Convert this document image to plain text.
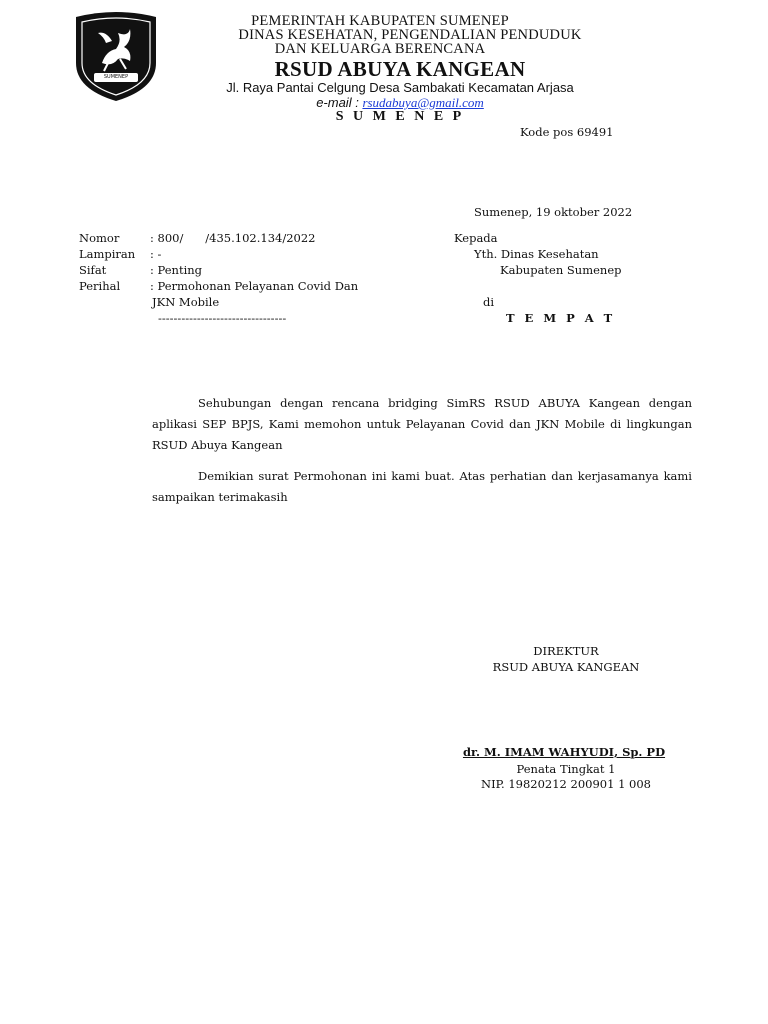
SUMENEP
PEMERINTAH KABUPATEN SUMENEP
DINAS KESEHATAN, PENGENDALIAN PENDUDUK
DAN KELUARGA BERENCANA
RSUD ABUYA KANGEAN
Jl. Raya Pantai Celgung Desa Sambakati Kecamatan Arjasa
e-mail : rsudabuya@gmail.com
S U M E N E P
Kode pos 69491
Sumenep, 19 oktober 2022
Nomor	: 800/      /435.102.134/2022
Lampiran : -
Sifat	: Penting
Perihal	: Permohonan Pelayanan Covid Dan
JKN Mobile
---------------------------------
Kepada
Yth. Dinas Kesehatan
Kabupaten Sumenep
di
T E M P A T
Sehubungan dengan rencana bridging SimRS RSUD ABUYA Kangean dengan aplikasi SEP BPJS, Kami memohon untuk Pelayanan Covid dan JKN Mobile di lingkungan RSUD Abuya Kangean
Demikian surat Permohonan ini kami buat. Atas perhatian dan kerjasamanya kami sampaikan terimakasih
DIREKTUR
RSUD ABUYA KANGEAN
dr. M. IMAM WAHYUDI, Sp. PD
Penata Tingkat 1
NIP. 19820212 200901 1 008
